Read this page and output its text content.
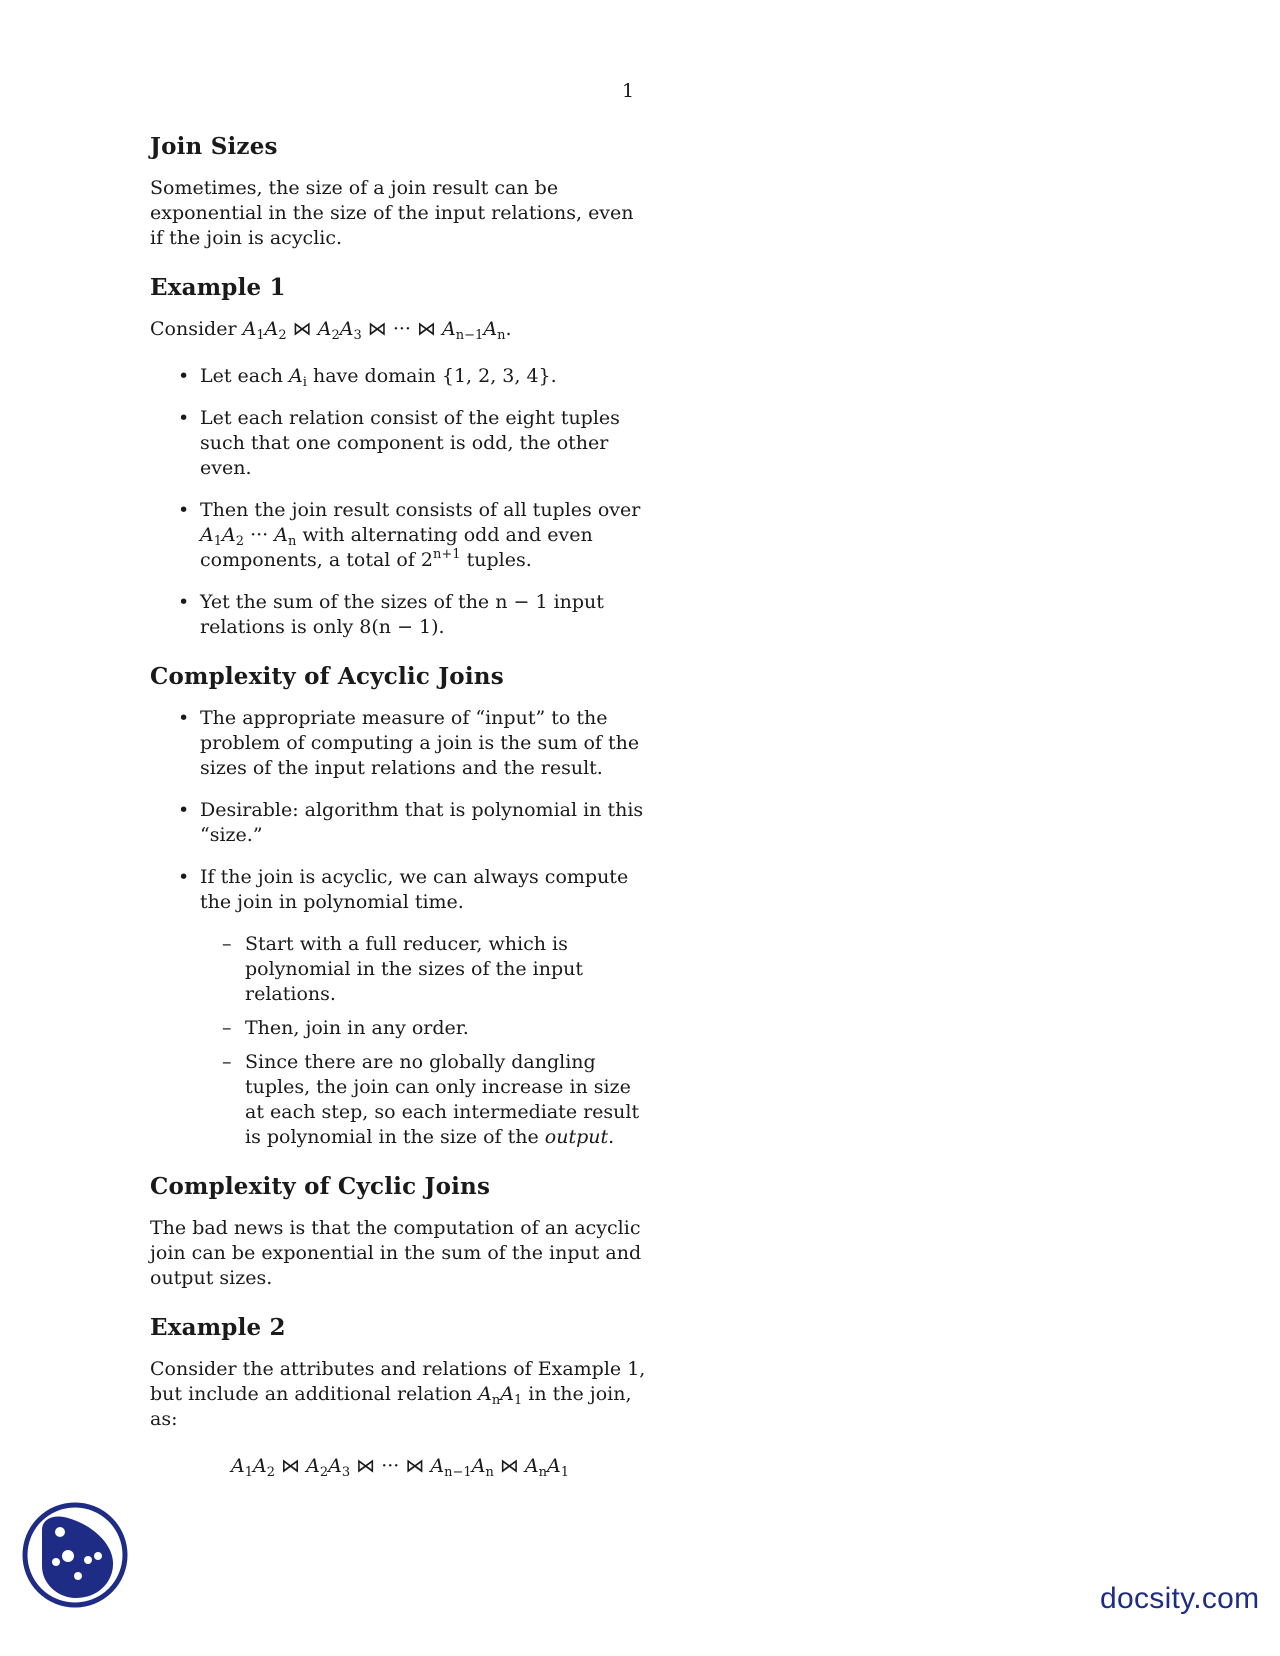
1
Join Sizes

Sometimes, the size of a join result can be exponential in the size of the input relations, even if the join is acyclic.

Example 1

Consider $A_1A_2$ ⋈ $A_2A_3$ ⋈ ··· ⋈ $A_{n-1}A_n$.

• Let each $A_i$ have domain {1, 2, 3, 4}.
• Let each relation consist of the eight tuples such that one component is odd, the other even.
• Then the join result consists of all tuples over $A_1A_2$ ··· $A_n$ with alternating odd and even components, a total of $2^{n+1}$ tuples.
• Yet the sum of the sizes of the n − 1 input relations is only 8(n − 1).
Complexity of Acyclic Joins
• The appropriate measure of “input” to the problem of computing a join is the sum of the sizes of the input relations and the result.
• Desirable: algorithm that is polynomial in this “size.”
• If the join is acyclic, we can always compute the join in polynomial time.
– Start with a full reducer, which is polynomial in the sizes of the input relations.
– Then, join in any order.
– Since there are no globally dangling tuples, the join can only increase in size at each step, so each intermediate result is polynomial in the size of the output.
Complexity of Cyclic Joins

The bad news is that the computation of an acyclic join can be exponential in the sum of the input and output sizes.

Example 2

Consider the attributes and relations of Example 1, but include an additional relation $A_nA_1$ in the join, as:

$A_1A_2$ ⋈ $A_2A_3$ ⋈ ··· ⋈ $A_{n-1}A_n$ ⋈ $A_nA_1$
docsity.com
